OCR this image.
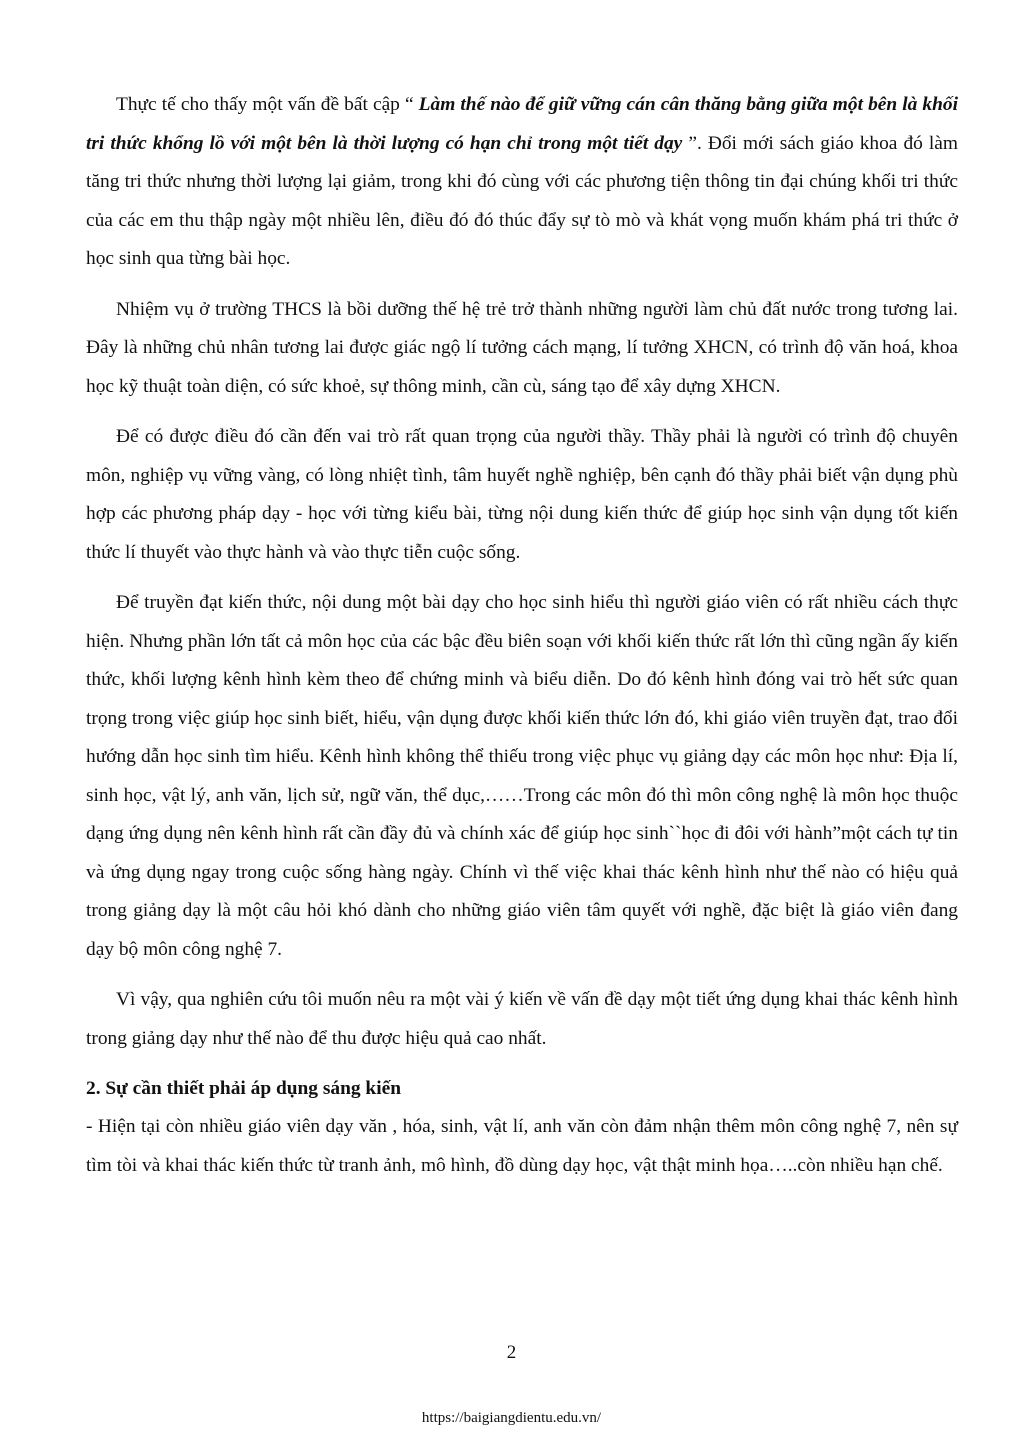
Thực tế cho thấy một vấn đề bất cập “ Làm thế nào để giữ vững cán cân thăng bằng giữa một bên là khối tri thức khổng lồ với một bên là thời lượng có hạn chỉ trong một tiết dạy ”. Đổi mới sách giáo khoa đó làm tăng tri thức nhưng thời lượng lại giảm, trong khi đó cùng với các phương tiện thông tin đại chúng khối tri thức của các em thu thập ngày một nhiều lên, điều đó đó thúc đẩy sự tò mò và khát vọng muốn khám phá tri thức ở học sinh qua từng bài học.

Nhiệm vụ ở trường THCS là bồi dưỡng thế hệ trẻ trở thành những người làm chủ đất nước trong tương lai. Đây là những chủ nhân tương lai được giác ngộ lí tưởng cách mạng, lí tưởng XHCN, có trình độ văn hoá, khoa học kỹ thuật toàn diện, có sức khoẻ, sự thông minh, cần cù, sáng tạo để xây dựng XHCN.

Để có được điều đó cần đến vai trò rất quan trọng của người thầy. Thầy phải là người có trình độ chuyên môn, nghiệp vụ vững vàng, có lòng nhiệt tình, tâm huyết nghề nghiệp, bên cạnh đó thầy phải biết vận dụng phù hợp các phương pháp dạy - học với từng kiểu bài, từng nội dung kiến thức để giúp học sinh vận dụng tốt kiến thức lí thuyết vào thực hành và vào thực tiễn cuộc sống.

Để truyền đạt kiến thức, nội dung một bài dạy cho học sinh hiểu thì người giáo viên có rất nhiều cách thực hiện. Nhưng phần lớn tất cả môn học của các bậc đều biên soạn với khối kiến thức rất lớn thì cũng ngần ấy kiến thức, khối lượng kênh hình kèm theo để chứng minh và biểu diễn. Do đó kênh hình đóng vai trò hết sức quan trọng trong việc giúp học sinh biết, hiểu, vận dụng được khối kiến thức lớn đó, khi giáo viên truyền đạt, trao đổi hướng dẫn học sinh tìm hiểu. Kênh hình không thể thiếu trong việc phục vụ giảng dạy các môn học như: Địa lí, sinh học, vật lý, anh văn, lịch sử, ngữ văn, thể dục,……Trong các môn đó thì môn công nghệ là môn học thuộc dạng ứng dụng nên kênh hình rất cần đầy đủ và chính xác để giúp học sinh``học đi đôi với hành”một cách tự tin và ứng dụng ngay trong cuộc sống hàng ngày. Chính vì thế việc khai thác kênh hình như thế nào có hiệu quả trong giảng dạy là một câu hỏi khó dành cho những giáo viên tâm quyết với nghề, đặc biệt là giáo viên đang dạy bộ môn công nghệ 7.

Vì vậy, qua nghiên cứu tôi muốn nêu ra một vài ý kiến về vấn đề dạy một tiết ứng dụng khai thác kênh hình trong giảng dạy như thế nào để thu được hiệu quả cao nhất.

2. Sự cần thiết phải áp dụng sáng kiến

- Hiện tại còn nhiều giáo viên dạy văn , hóa, sinh, vật lí, anh văn còn đảm nhận thêm môn công nghệ 7, nên sự tìm tòi và khai thác kiến thức từ tranh ảnh, mô hình, đồ dùng dạy học, vật thật minh họa…..còn nhiều hạn chế.

2
https://baigiangdientu.edu.vn/
